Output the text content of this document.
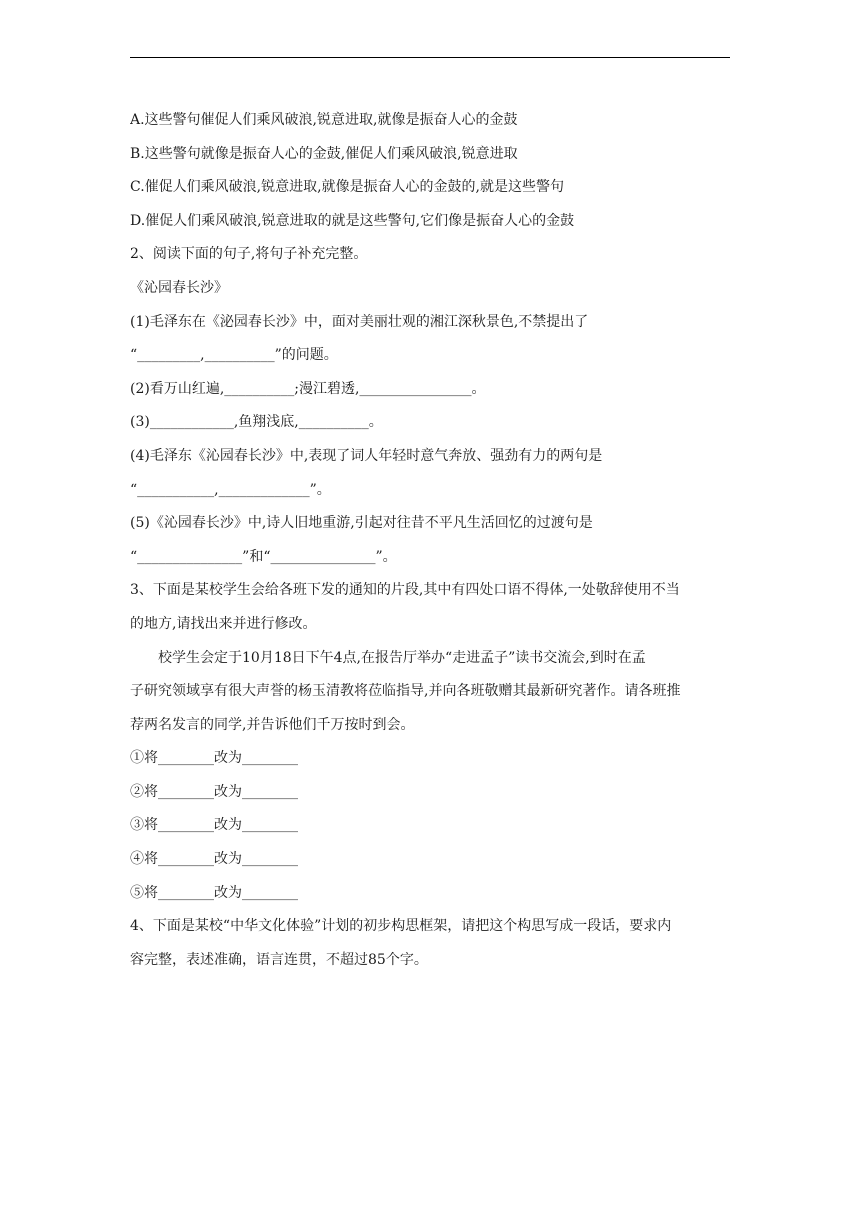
A.这些警句催促人们乘风破浪,锐意进取,就像是振奋人心的金鼓
B.这些警句就像是振奋人心的金鼓,催促人们乘风破浪,锐意进取
C.催促人们乘风破浪,锐意进取,就像是振奋人心的金鼓的,就是这些警句
D.催促人们乘风破浪,锐意进取的就是这些警句,它们像是振奋人心的金鼓
2、阅读下面的句子,将句子补充完整。
《沁园春长沙》
(1)毛泽东在《泌园春长沙》中，面对美丽壮观的湘江深秋景色,不禁提出了
“_________,__________”的问题。
(2)看万山红遍,__________;漫江碧透,________________。
(3)____________,鱼翔浅底,__________。
(4)毛泽东《沁园春长沙》中,表现了词人年轻时意气奔放、强劲有力的两句是
“___________,_____________”。
(5)《沁园春长沙》中,诗人旧地重游,引起对往昔不平凡生活回忆的过渡句是
“_______________”和“_______________”。
3、下面是某校学生会给各班下发的通知的片段,其中有四处口语不得体,一处敬辞使用不当
的地方,请找出来并进行修改。
校学生会定于10月18日下午4点,在报告厅举办“走进孟子”读书交流会,到时在孟
子研究领域享有很大声誉的杨玉清教将莅临指导,并向各班敬赠其最新研究著作。请各班推
荐两名发言的同学,并告诉他们千万按时到会。
①将________改为________
②将________改为________
③将________改为________
④将________改为________
⑤将________改为________
4、下面是某校“中华文化体验”计划的初步构思框架，请把这个构思写成一段话，要求内
容完整，表述准确，语言连贯，不超过85个字。
